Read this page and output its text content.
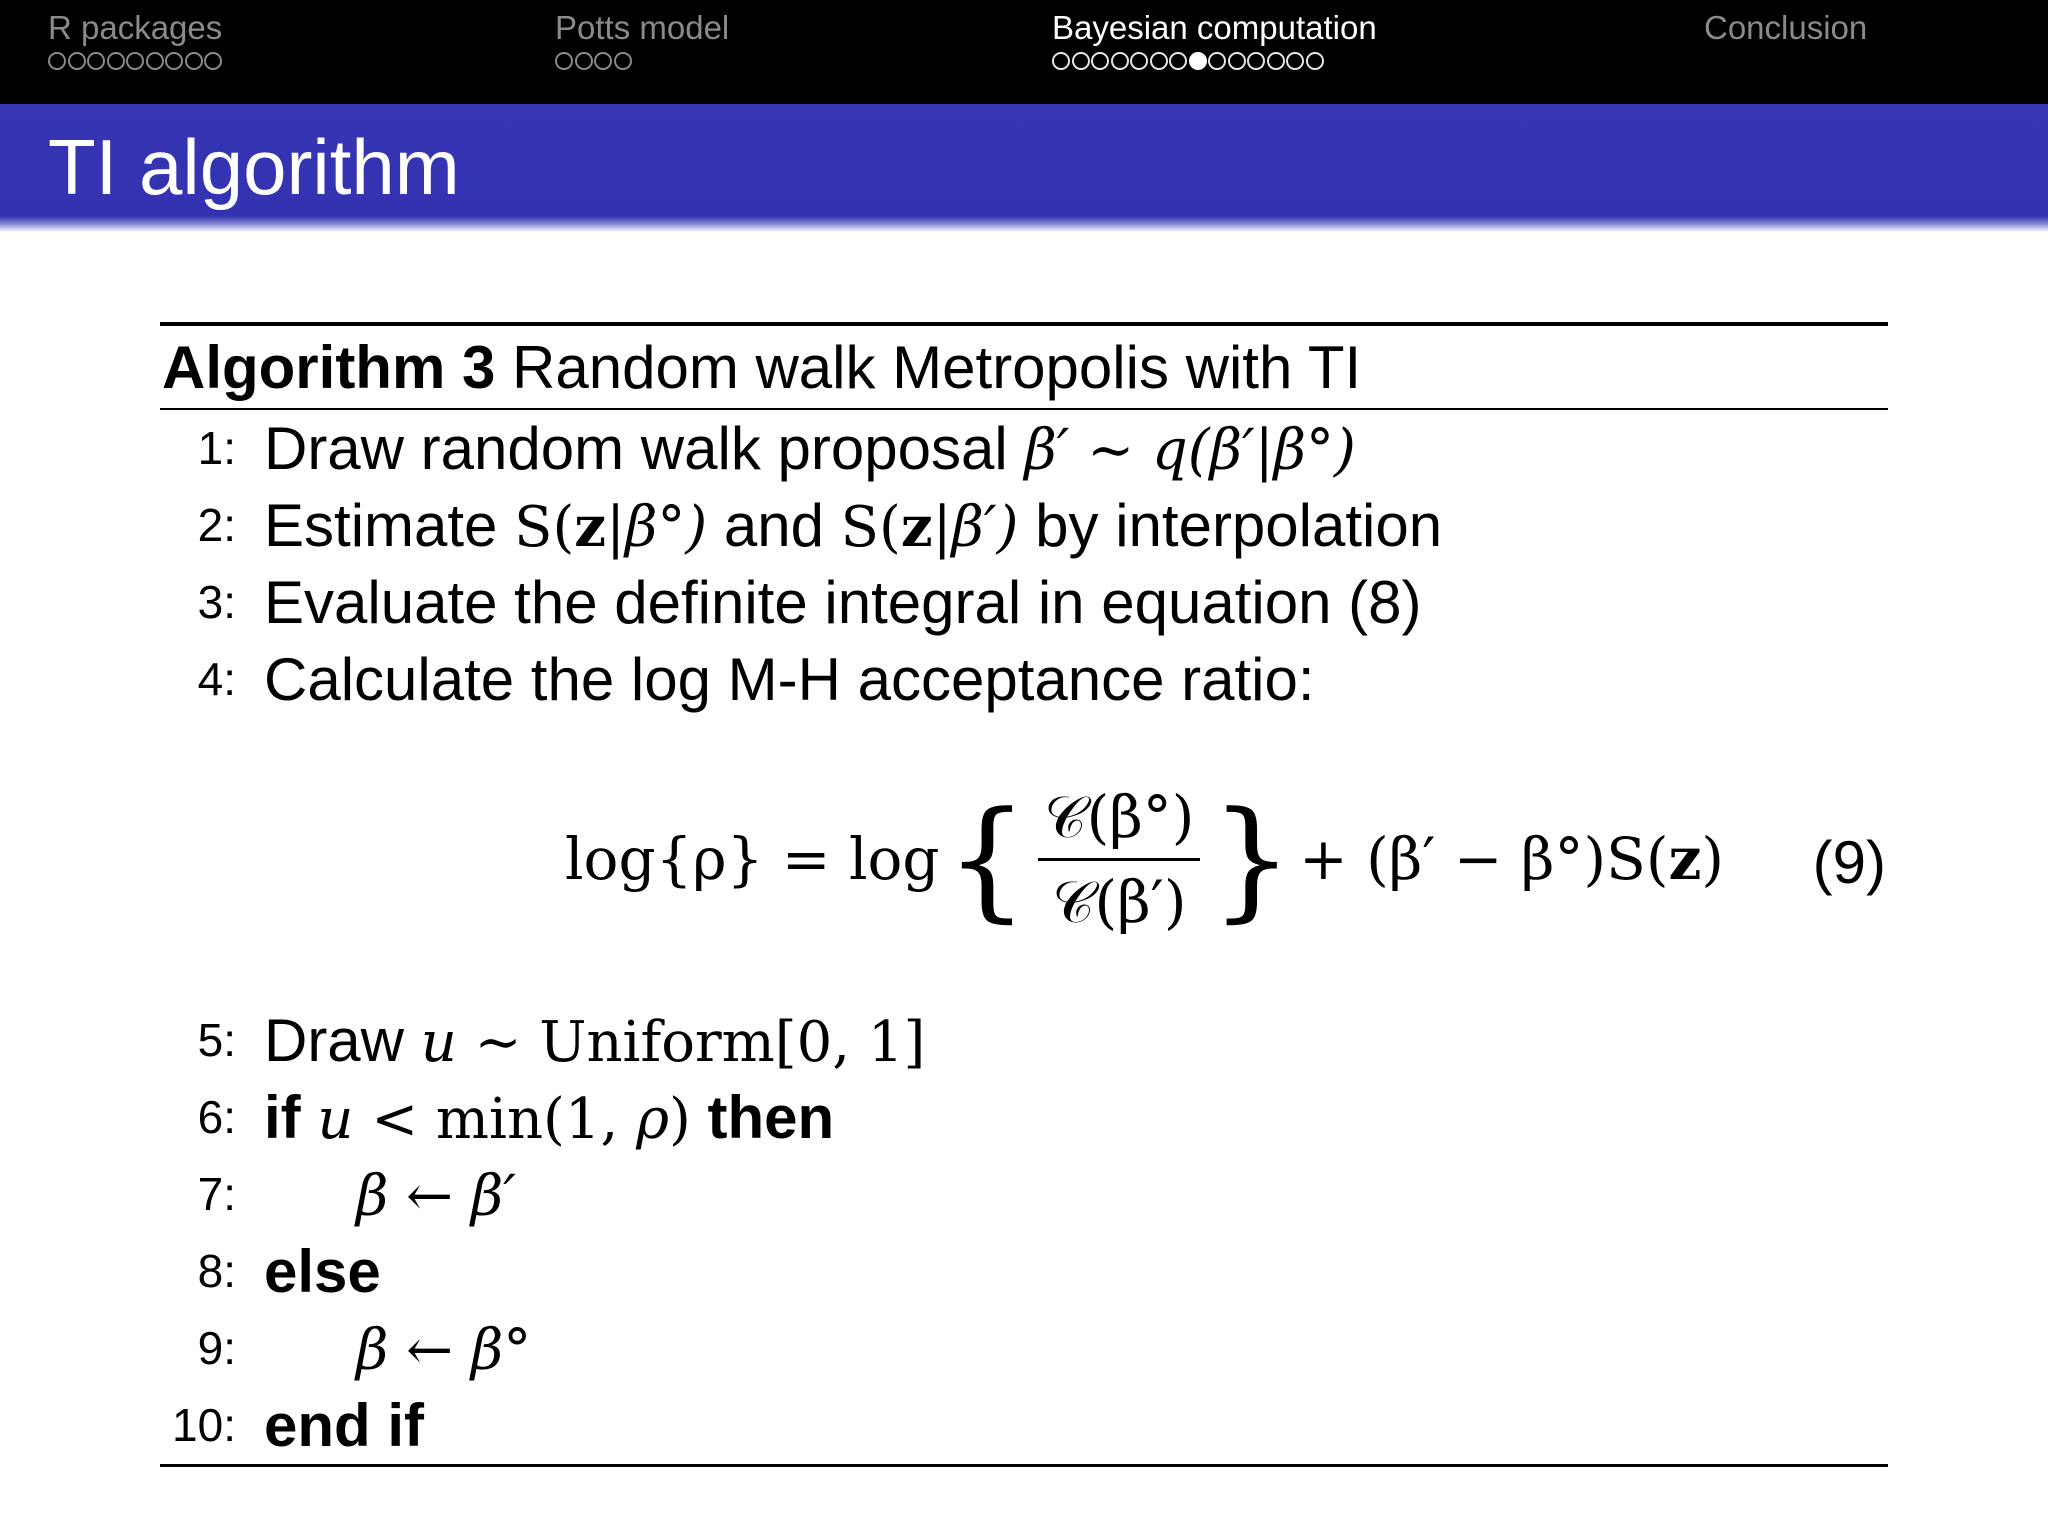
R packages	Potts model	Bayesian computation	Conclusion
TI algorithm
Algorithm 3 Random walk Metropolis with TI
1: Draw random walk proposal β′ ∼ q(β′|β°)
2: Estimate S(z|β°) and S(z|β′) by interpolation
3: Evaluate the definite integral in equation (8)
4: Calculate the log M-H acceptance ratio:
log{ρ} = log { $\frac{\text{𝒞(β°)}}{\text{𝒞(β′)}}$ } + (β′ − β°)S(z) (9)
5: Draw u ∼ Uniform[0, 1]
6: if u < min(1, ρ) then
7: β ← β′
8: else
9: β ← β°
10: end if
